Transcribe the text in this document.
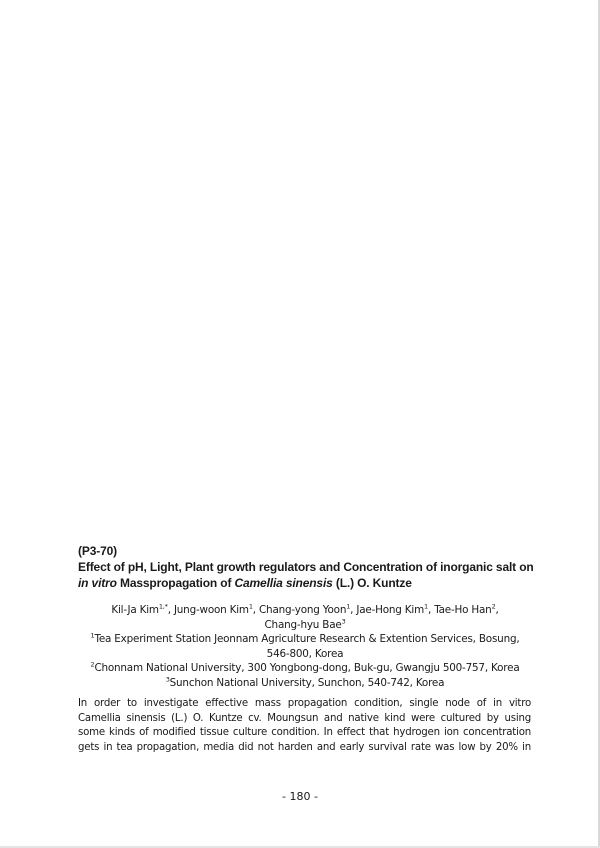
(P3-70)
Effect of pH, Light, Plant growth regulators and Concentration of inorganic salt on
in vitro Masspropagation of Camellia sinensis (L.) O. Kuntze
Kil-Ja Kim$^{1,*}$, Jung-woon Kim$^1$, Chang-yong Yoon$^1$, Jae-Hong Kim$^1$, Tae-Ho Han$^2$,
Chang-hyu Bae$^3$
$^1$Tea Experiment Station Jeonnam Agriculture Research & Extention Services, Bosung,
546-800, Korea
$^2$Chonnam National University, 300 Yongbong-dong, Buk-gu, Gwangju 500-757, Korea
$^3$Sunchon National University, Sunchon, 540-742, Korea
In order to investigate effective mass propagation condition, single node of in vitro
Camellia sinensis (L.) O. Kuntze cv. Moungsun and native kind were cultured by using
some kinds of modified tissue culture condition. In effect that hydrogen ion concentration
gets in tea propagation, media did not harden and early survival rate was low by 20% in
- 180 -
